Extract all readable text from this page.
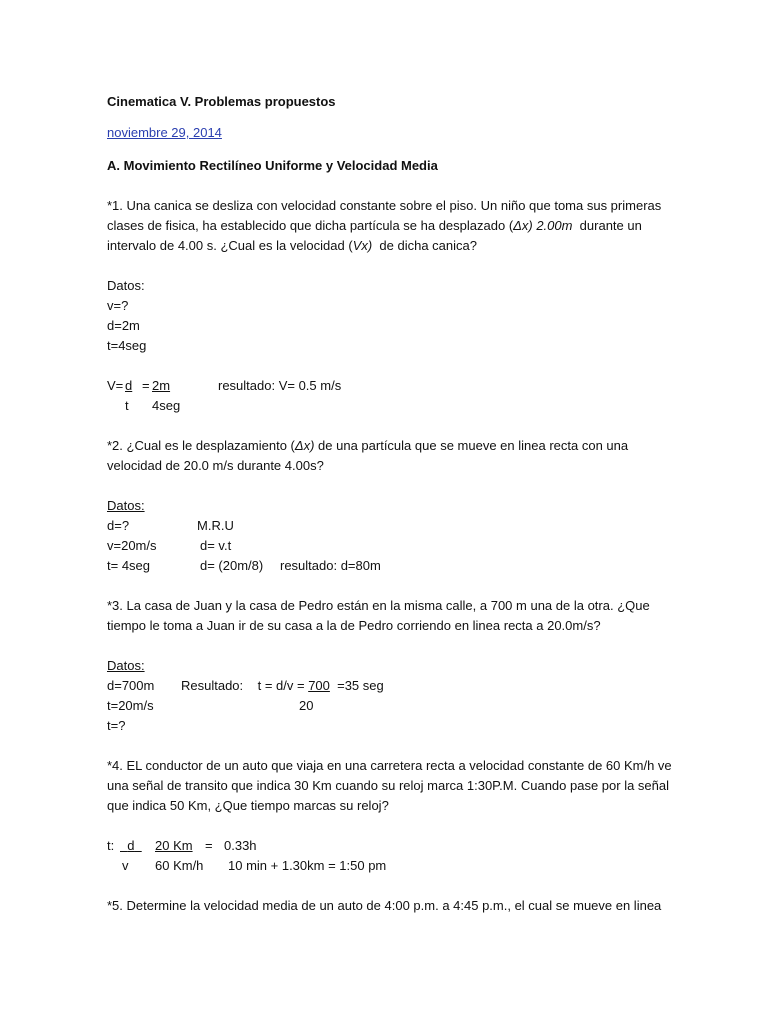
Cinematica V. Problemas propuestos
noviembre 29, 2014
A. Movimiento Rectilíneo Uniforme y Velocidad Media
*1. Una canica se desliza con velocidad constante sobre el piso. Un niño que toma sus primeras
clases de fisica, ha establecido que dicha partícula se ha desplazado (Δx) 2.00m  durante un
intervalo de 4.00 s. ¿Cual es la velocidad (Vx)  de dicha canica?
Datos:
v=?
d=2m
t=4seg
V= d = 2m	resultado: V= 0.5 m/s
t 4seg
*2. ¿Cual es le desplazamiento (Δx) de una partícula que se mueve en linea recta con una
velocidad de 20.0 m/s durante 4.00s?
Datos:
d=?	M.R.U
v=20m/s	d= v.t
t= 4seg	d= (20m/8) resultado: d=80m
*3. La casa de Juan y la casa de Pedro están en la misma calle, a 700 m una de la otra. ¿Que
tiempo le toma a Juan ir de su casa a la de Pedro corriendo en linea recta a 20.0m/s?
Datos:
d=700m Resultado:    t = d/v = 700  =35 seg
t=20m/s	20
t=?
*4. EL conductor de un auto que viaja en una carretera recta a velocidad constante de 60 Km/h ve
una señal de transito que indica 30 Km cuando su reloj marca 1:30P.M. Cuando pase por la señal
que indica 50 Km, ¿Que tiempo marcas su reloj?
t:	d	20 Km = 0.33h
v 60 Km/h 10 min + 1.30km = 1:50 pm
*5. Determine la velocidad media de un auto de 4:00 p.m. a 4:45 p.m., el cual se mueve en linea
